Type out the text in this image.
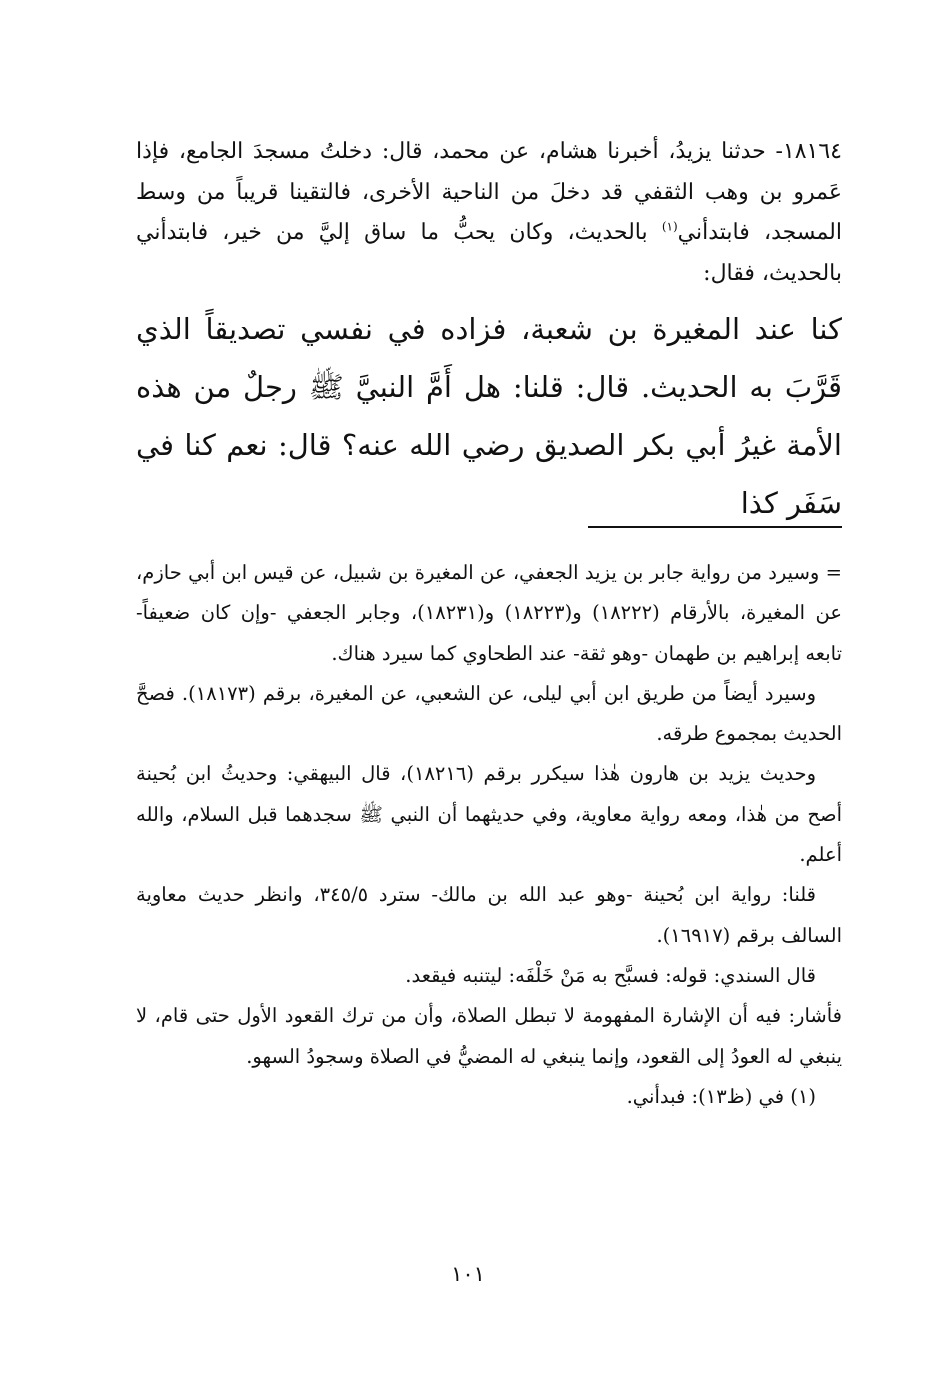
١٨١٦٤- حدثنا يزيدُ، أخبرنا هشام، عن محمد، قال: دخلتُ مسجدَ الجامع، فإذا عَمرو بن وهب الثقفي قد دخلَ من الناحية الأخرى، فالتقينا قريباً من وسط المسجد، فابتدأني$^{(١)}$ بالحديث، وكان يحبُّ ما ساق إليَّ من خير، فابتدأني بالحديث، فقال:

كنا عند المغيرة بن شعبة، فزاده في نفسي تصديقاً الذي قَرَّبَ به الحديث. قال: قلنا: هل أَمَّ النبيَّ ﷺ رجلٌ من هذه الأمة غيرُ أبي بكر الصديق رضي الله عنه؟ قال: نعم كنا في سَفَر كذا

= وسيرد من رواية جابر بن يزيد الجعفي، عن المغيرة بن شبيل، عن قيس ابن أبي حازم، عن المغيرة، بالأرقام (١٨٢٢٢) و(١٨٢٢٣) و(١٨٢٣١)، وجابر الجعفي -وإن كان ضعيفاً- تابعه إبراهيم بن طهمان -وهو ثقة- عند الطحاوي كما سيرد هناك.

وسيرد أيضاً من طريق ابن أبي ليلى، عن الشعبي، عن المغيرة، برقم (١٨١٧٣). فصحَّ الحديث بمجموع طرقه.

وحديث يزيد بن هارون هٰذا سيكرر برقم (١٨٢١٦)، قال البيهقي: وحديثُ ابن بُحينة أصح من هٰذا، ومعه رواية معاوية، وفي حديثهما أن النبي ﷺ سجدهما قبل السلام، والله أعلم.

قلنا: رواية ابن بُحينة -وهو عبد الله بن مالك- سترد ٣٤٥/٥، وانظر حديث معاوية السالف برقم (١٦٩١٧).

قال السندي: قوله: فسبَّح به مَنْ خَلْفَه: ليتنبه فيقعد.

فأشار: فيه أن الإشارة المفهومة لا تبطل الصلاة، وأن من ترك القعود الأول حتى قام، لا ينبغي له العودُ إلى القعود، وإنما ينبغي له المضيُّ في الصلاة وسجودُ السهو.

(١) في (ظ١٣): فبدأني.

١٠١
